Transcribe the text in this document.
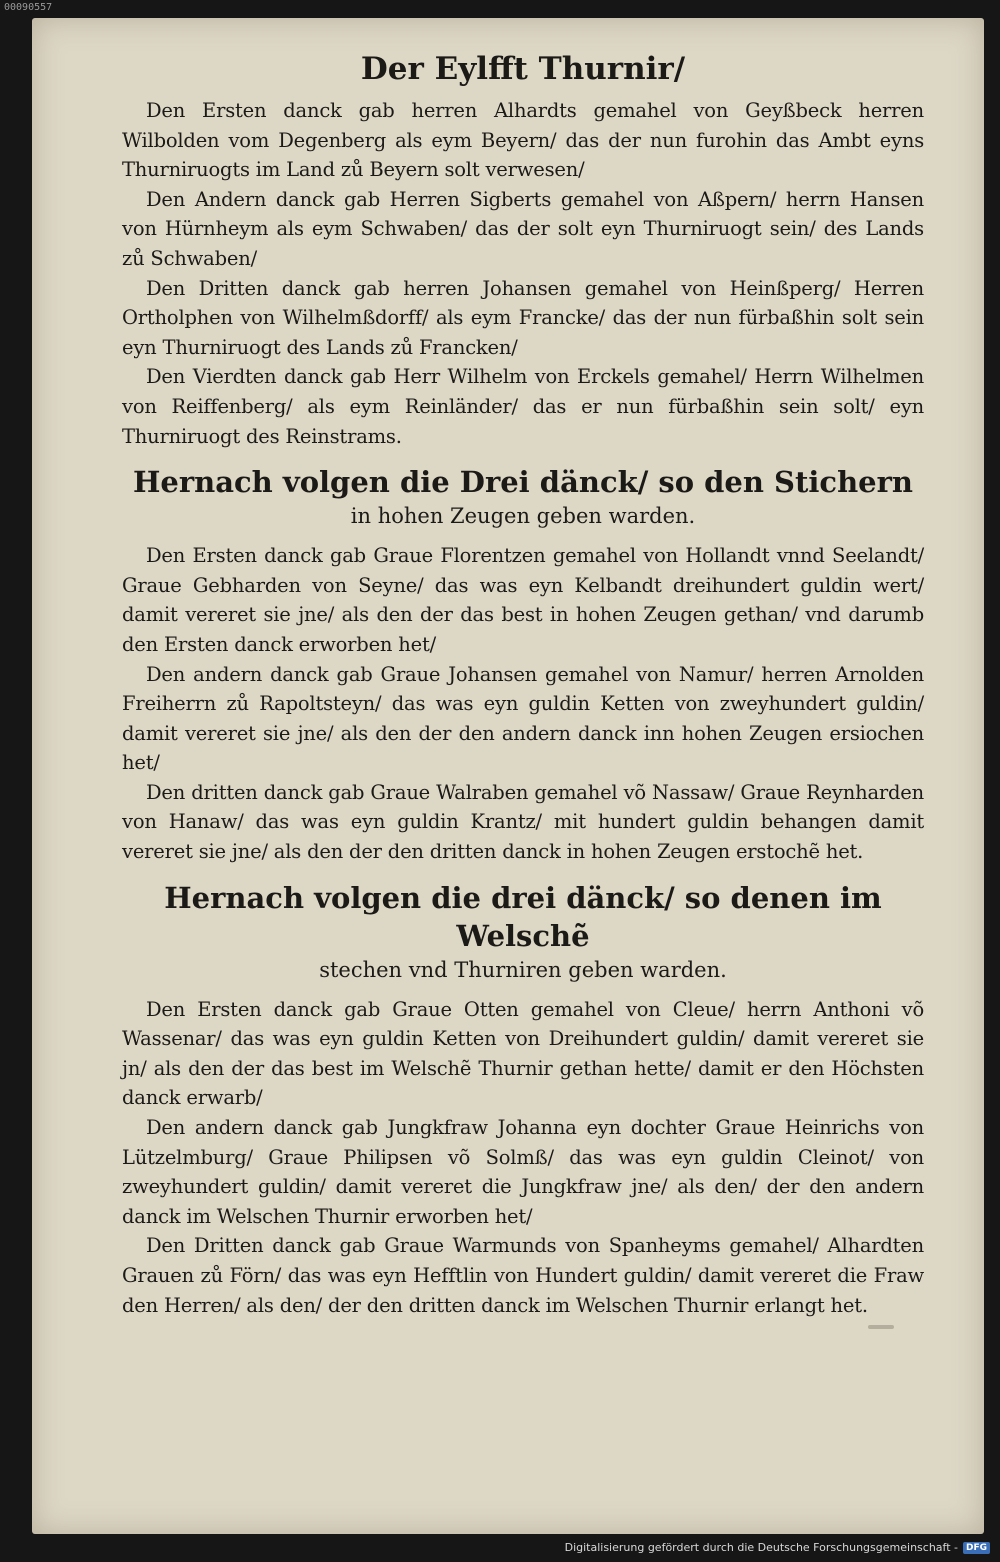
00090557
Der Eylfft Thurnir/

Den Ersten danck gab herren Alhardts gemahel von Geyßbeck herren Wilbolden vom Degenberg als eym Beyern/ das der nun furohin das Ambt eyns Thurniruogts im Land zů Beyern solt verwesen/

Den Andern danck gab Herren Sigberts gemahel von Aßpern/ herrn Hansen von Hürnheym als eym Schwaben/ das der solt eyn Thurniruogt sein/ des Lands zů Schwaben/

Den Dritten danck gab herren Johansen gemahel von Heinßperg/ Herren Ortholphen von Wilhelmßdorff/ als eym Francke/ das der nun fürbaßhin solt sein eyn Thurniruogt des Lands zů Francken/

Den Vierdten danck gab Herr Wilhelm von Erckels gemahel/ Herrn Wilhelmen von Reiffenberg/ als eym Reinländer/ das er nun fürbaßhin sein solt/ eyn Thurniruogt des Reinstrams.

Hernach volgen die Drei dänck/ so den Stichern

in hohen Zeugen geben warden.

Den Ersten danck gab Graue Florentzen gemahel von Hollandt vnnd Seelandt/ Graue Gebharden von Seyne/ das was eyn Kelbandt dreihundert guldin wert/ damit vereret sie jne/ als den der das best in hohen Zeugen gethan/ vnd darumb den Ersten danck erworben het/

Den andern danck gab Graue Johansen gemahel von Namur/ herren Arnolden Freiherrn zů Rapoltsteyn/ das was eyn guldin Ketten von zweyhundert guldin/ damit vereret sie jne/ als den der den andern danck inn hohen Zeugen ersiochen het/

Den dritten danck gab Graue Walraben gemahel võ Nassaw/ Graue Reynharden von Hanaw/ das was eyn guldin Krantz/ mit hundert guldin behangen damit vereret sie jne/ als den der den dritten danck in hohen Zeugen erstochẽ het.

Hernach volgen die drei dänck/ so denen im Welschẽ

stechen vnd Thurniren geben warden.

Den Ersten danck gab Graue Otten gemahel von Cleue/ herrn Anthoni võ Wassenar/ das was eyn guldin Ketten von Dreihundert guldin/ damit vereret sie jn/ als den der das best im Welschẽ Thurnir gethan hette/ damit er den Höchsten danck erwarb/

Den andern danck gab Jungkfraw Johanna eyn dochter Graue Heinrichs von Lützelmburg/ Graue Philipsen võ Solmß/ das was eyn guldin Cleinot/ von zweyhundert guldin/ damit vereret die Jungkfraw jne/ als den/ der den andern danck im Welschen Thurnir erworben het/

Den Dritten danck gab Graue Warmunds von Spanheyms gemahel/ Alhardten Grauen zů Förn/ das was eyn Hefftlin von Hundert guldin/ damit vereret die Fraw den Herren/ als den/ der den dritten danck im Welschen Thurnir erlangt het.

Digitalisierung gefördert durch die Deutsche Forschungsgemeinschaft - DFG
